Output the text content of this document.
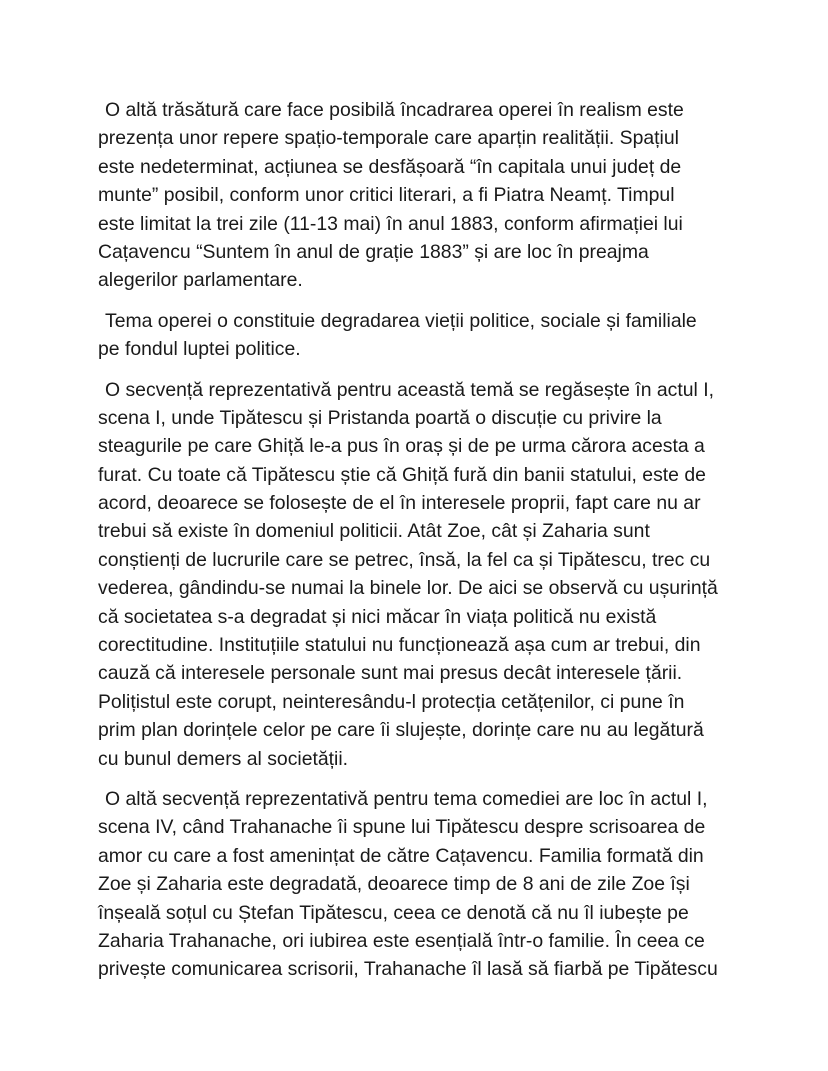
O altă trăsătură care face posibilă încadrarea operei în realism este
prezența unor repere spațio-temporale care aparțin realității. Spațiul
este nedeterminat, acțiunea se desfășoară “în capitala unui județ de
munte” posibil, conform unor critici literari, a fi Piatra Neamț. Timpul
este limitat la trei zile (11-13 mai) în anul 1883, conform afirmației lui
Cațavencu “Suntem în anul de grație 1883” și are loc în preajma
alegerilor parlamentare.
Tema operei o constituie degradarea vieții politice, sociale și familiale
pe fondul luptei politice.
O secvență reprezentativă pentru această temă se regăsește în actul I,
scena I, unde Tipătescu și Pristanda poartă o discuție cu privire la
steagurile pe care Ghiță le-a pus în oraș și de pe urma cărora acesta a
furat. Cu toate că Tipătescu știe că Ghiță fură din banii statului, este de
acord, deoarece se folosește de el în interesele proprii, fapt care nu ar
trebui să existe în domeniul politicii. Atât Zoe, cât și Zaharia sunt
conștienți de lucrurile care se petrec, însă, la fel ca și Tipătescu, trec cu
vederea, gândindu-se numai la binele lor. De aici se observă cu ușurință
că societatea s-a degradat și nici măcar în viața politică nu există
corectitudine. Instituțiile statului nu funcționează așa cum ar trebui, din
cauză că interesele personale sunt mai presus decât interesele țării.
Polițistul este corupt, neinteresându-l protecția cetățenilor, ci pune în
prim plan dorințele celor pe care îi slujește, dorințe care nu au legătură
cu bunul demers al societății.
O altă secvență reprezentativă pentru tema comediei are loc în actul I,
scena IV, când Trahanache îi spune lui Tipătescu despre scrisoarea de
amor cu care a fost amenințat de către Cațavencu. Familia formată din
Zoe și Zaharia este degradată, deoarece timp de 8 ani de zile Zoe își
înșeală soțul cu Ștefan Tipătescu, ceea ce denotă că nu îl iubește pe
Zaharia Trahanache, ori iubirea este esențială într-o familie. În ceea ce
privește comunicarea scrisorii, Trahanache îl lasă să fiarbă pe Tipătescu
